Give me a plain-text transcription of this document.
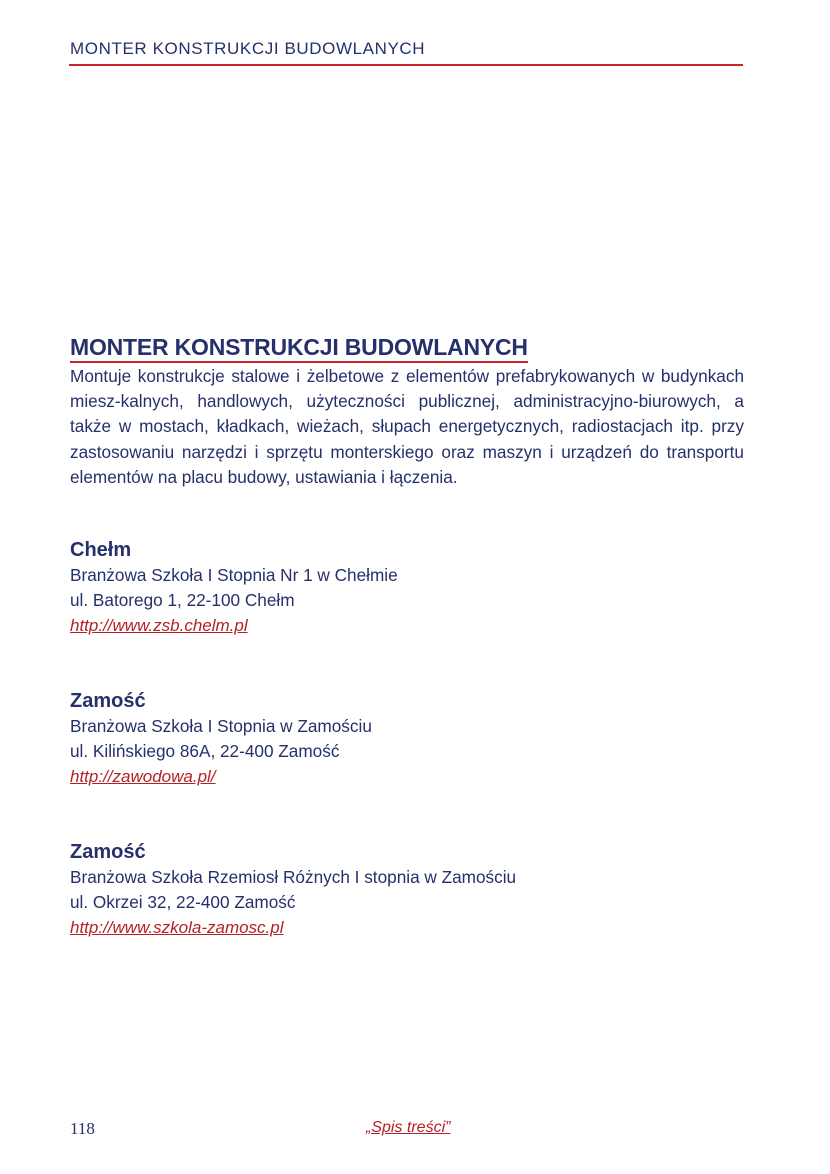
MONTER KONSTRUKCJI BUDOWLANYCH
MONTER KONSTRUKCJI BUDOWLANYCH

Montuje konstrukcje stalowe i żelbetowe z elementów prefabrykowanych w budynkach miesz-kalnych, handlowych, użyteczności publicznej, administracyjno-biurowych, a także w mostach, kładkach, wieżach, słupach energetycznych, radiostacjach itp. przy zastosowaniu narzędzi i sprzętu monterskiego oraz maszyn i urządzeń do transportu elementów na placu budowy, ustawiania i łączenia.

Chełm

Branżowa Szkoła I Stopnia Nr 1 w Chełmie

ul. Batorego 1, 22-100 Chełm

http://www.zsb.chelm.pl

Zamość

Branżowa Szkoła I Stopnia w Zamościu

ul. Kilińskiego 86A, 22-400 Zamość

http://zawodowa.pl/

Zamość

Branżowa Szkoła Rzemiosł Różnych I stopnia w Zamościu

ul. Okrzei 32, 22-400 Zamość

http://www.szkola-zamosc.pl
118	„Spis treści”
